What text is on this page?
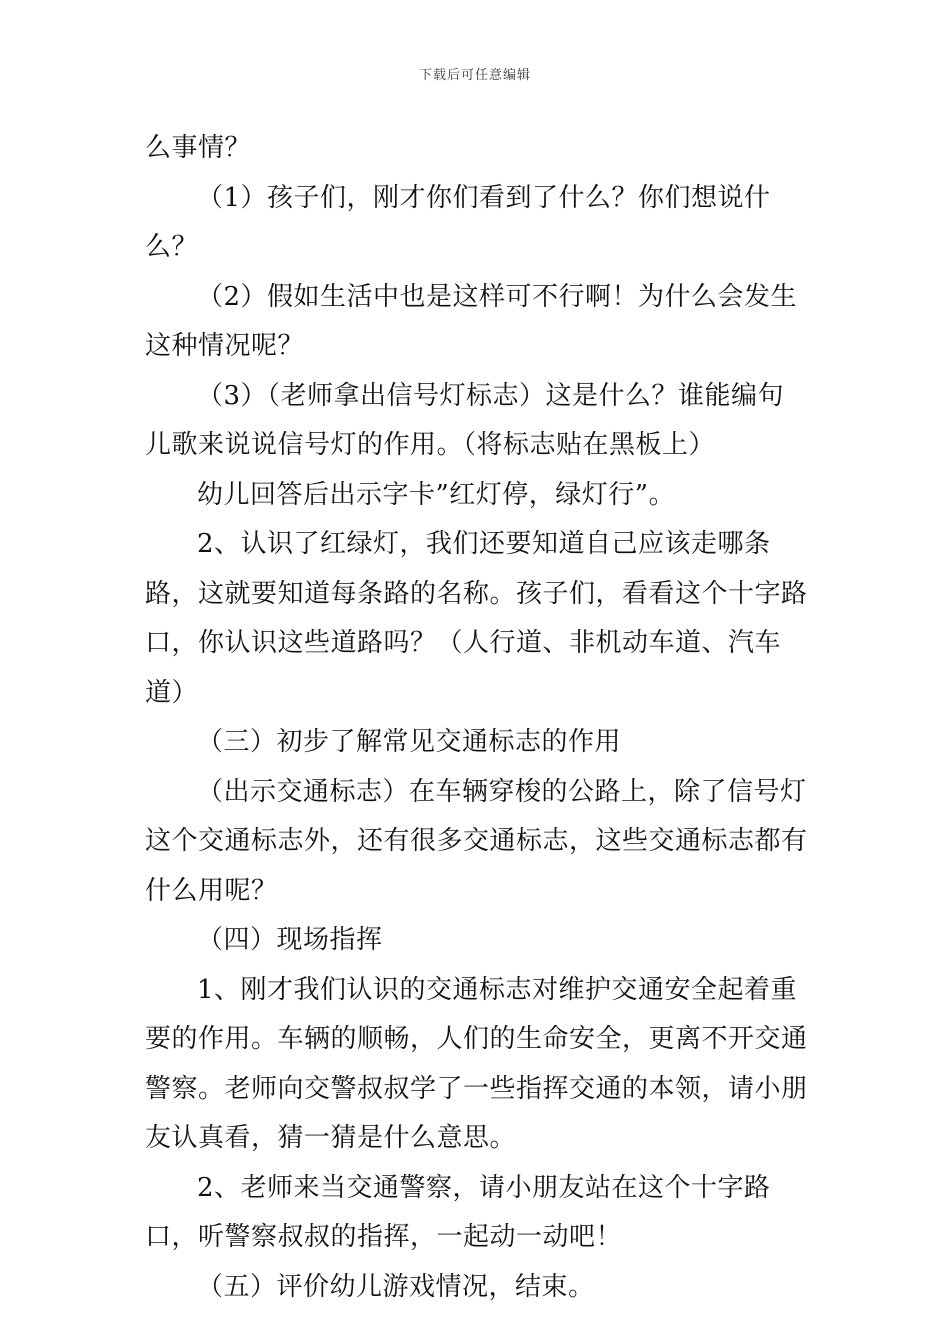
下载后可任意编辑

么事情？

（1）孩子们，刚才你们看到了什么？你们想说什么？

（2）假如生活中也是这样可不行啊！为什么会发生这种情况呢？

（3）（老师拿出信号灯标志）这是什么？谁能编句儿歌来说说信号灯的作用。（将标志贴在黑板上）

幼儿回答后出示字卡”红灯停，绿灯行”。

2、认识了红绿灯，我们还要知道自己应该走哪条路，这就要知道每条路的名称。孩子们，看看这个十字路口，你认识这些道路吗？（人行道、非机动车道、汽车道）

（三）初步了解常见交通标志的作用

（出示交通标志）在车辆穿梭的公路上，除了信号灯这个交通标志外，还有很多交通标志，这些交通标志都有什么用呢？

（四）现场指挥

1、刚才我们认识的交通标志对维护交通安全起着重要的作用。车辆的顺畅，人们的生命安全，更离不开交通警察。老师向交警叔叔学了一些指挥交通的本领，请小朋友认真看，猜一猜是什么意思。

2、老师来当交通警察，请小朋友站在这个十字路口，听警察叔叔的指挥，一起动一动吧！

（五）评价幼儿游戏情况，结束。
